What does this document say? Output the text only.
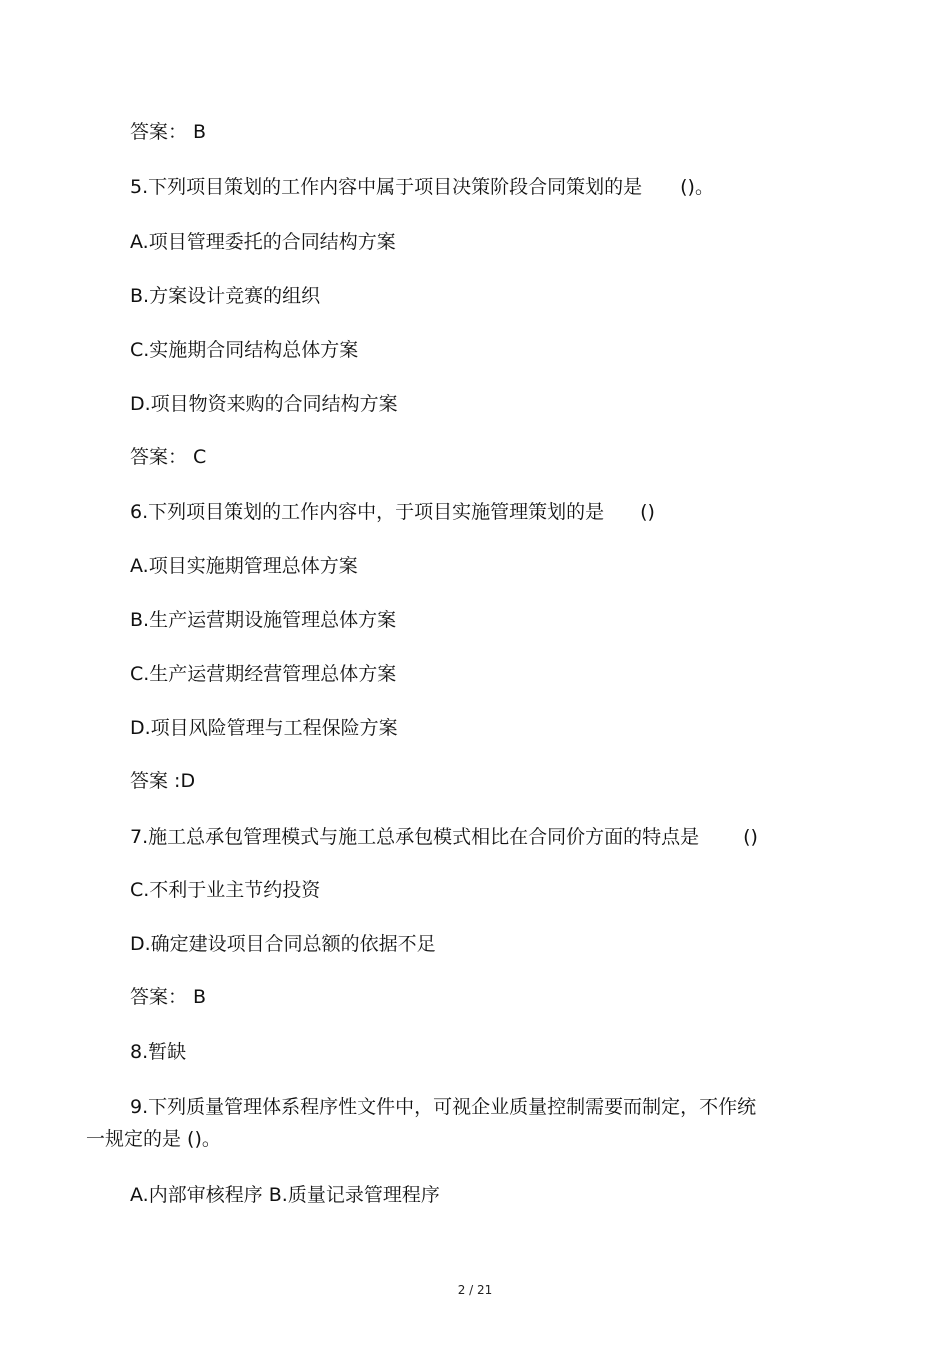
答案： B
5.下列项目策划的工作内容中属于项目决策阶段合同策划的是 ()。
A.项目管理委托的合同结构方案
B.方案设计竞赛的组织
C.实施期合同结构总体方案
D.项目物资来购的合同结构方案
答案： C
6.下列项目策划的工作内容中，于项目实施管理策划的是 ()
A.项目实施期管理总体方案
B.生产运营期设施管理总体方案
C.生产运营期经营管理总体方案
D.项目风险管理与工程保险方案
答案 :D
7.施工总承包管理模式与施工总承包模式相比在合同价方面的特点是 ()
C.不利于业主节约投资
D.确定建设项目合同总额的依据不足
答案： B
8.暂缺
9.下列质量管理体系程序性文件中，可视企业质量控制需要而制定，不作统
一规定的是 ()。
A.内部审核程序 B.质量记录管理程序
2 / 21
